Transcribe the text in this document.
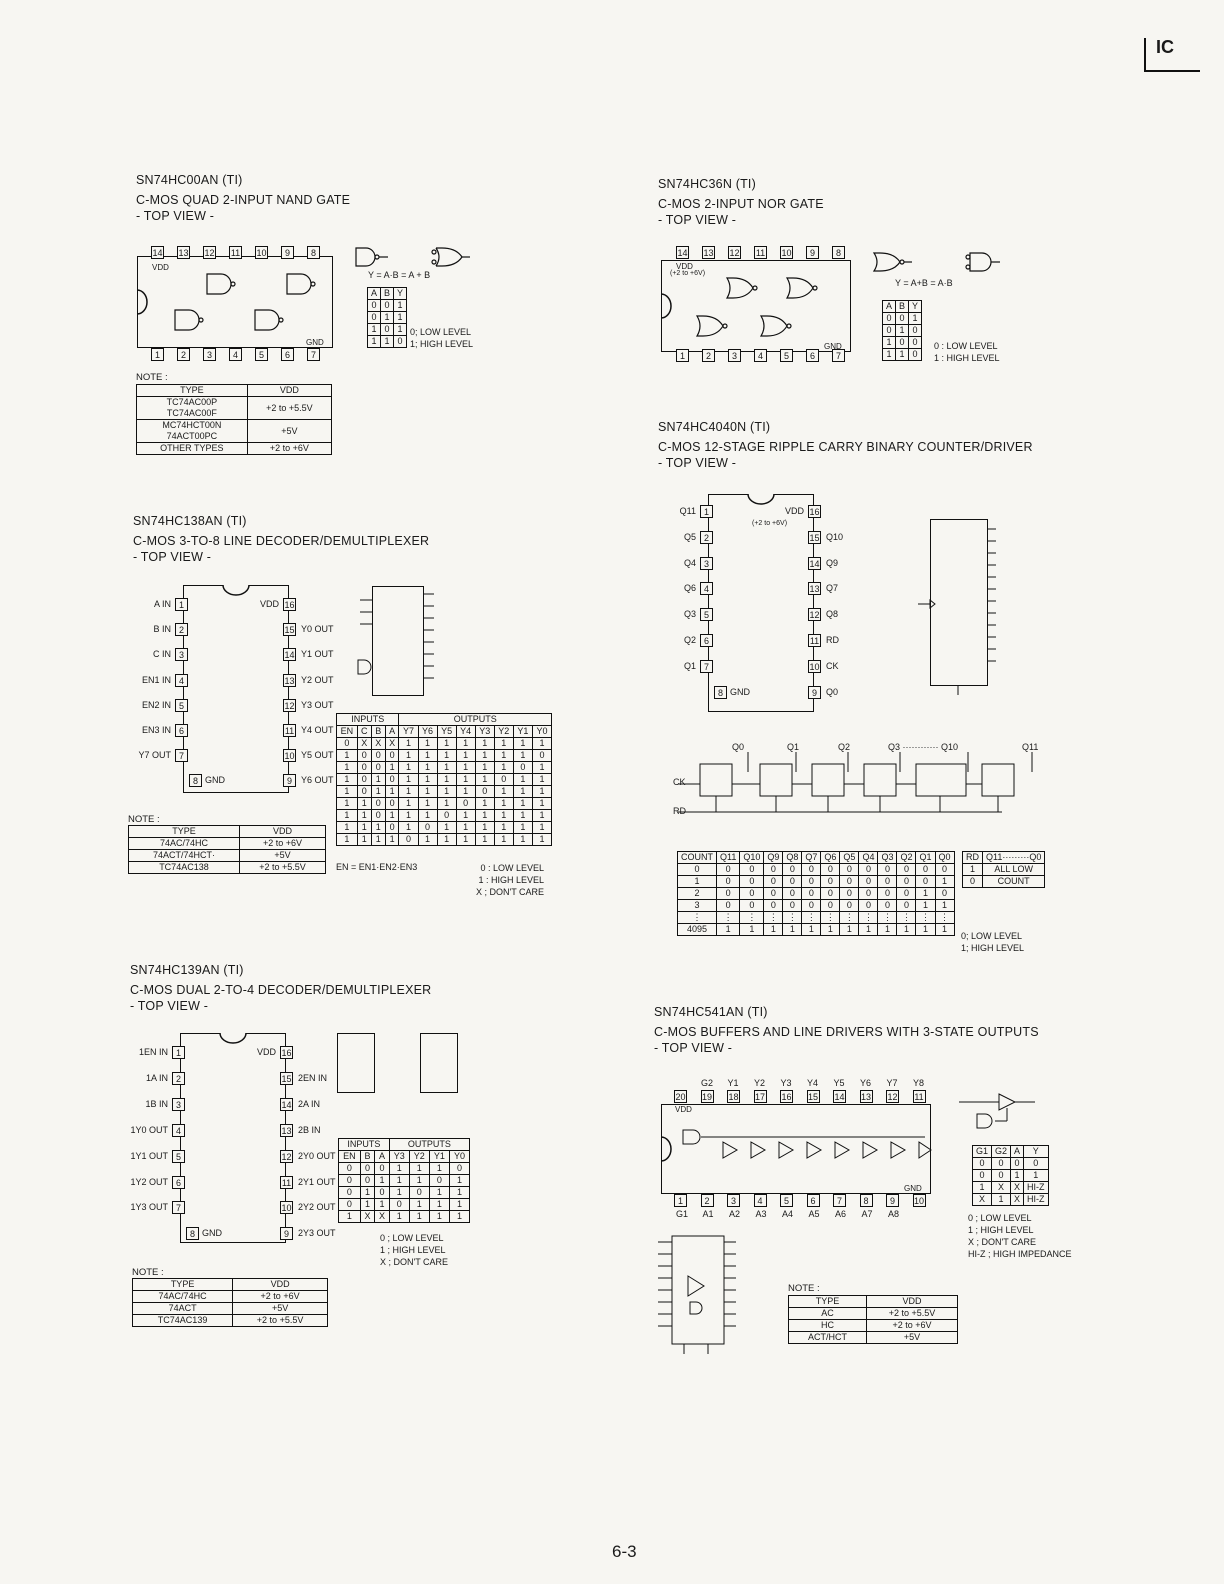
IC
SN74HC00AN (TI)
C-MOS QUAD 2-INPUT NAND GATE
- TOP VIEW -
14 13 12 11 10	9	8
1	2	3	4	5	6	7
VDD
GND
Y = A·B = A + B
A	B	Y
0	0	1
0	1	1
1	0	1
1	1	0
0; LOW LEVEL
1; HIGH LEVEL
NOTE :
TYPE	VDD
TC74AC00P
TC74AC00F	+2 to +5.5V
MC74HCT00N
74ACT00PC	+5V
OTHER TYPES	+2 to +6V
SN74HC36N (TI)
C-MOS 2-INPUT NOR GATE
- TOP VIEW -
14 13 12 11 10	9	8
1	2	3	4	5	6	7
VDD
(+2 to +6V)
GND
Y = A+B = A·B
A	B	Y
0	0	1
0	1	0
1	0	0
1	1	0
0 : LOW LEVEL
1 : HIGH LEVEL
SN74HC4040N (TI)
C-MOS 12-STAGE RIPPLE CARRY BINARY COUNTER/DRIVER
- TOP VIEW -
1
Q11
2
Q5
3
Q4
4
Q6
5
Q3
6
Q2
7
Q1
8 GND
16
VDD
15 Q10
14 Q9
13 Q7
12 Q8
11 RD
10 CK
9	Q0
(+2 to +6V)
Q0	Q1	Q2	Q3 ············ Q10	Q11
CK
RD
COUNT	Q11	Q10	Q9	Q8	Q7	Q6	Q5	Q4	Q3	Q2	Q1	Q0
0	0	0	0	0	0	0	0	0	0	0	0	0
1	0	0	0	0	0	0	0	0	0	0	0	1
2	0	0	0	0	0	0	0	0	0	0	1	0
3	0	0	0	0	0	0	0	0	0	0	1	1
⋮	⋮	⋮	⋮	⋮	⋮	⋮	⋮	⋮	⋮	⋮	⋮	⋮
4095	1	1	1	1	1	1	1	1	1	1	1	1
RD	Q11·········Q0
1	ALL LOW
0	COUNT
0; LOW LEVEL
1; HIGH LEVEL
SN74HC138AN (TI)
C-MOS 3-TO-8 LINE DECODER/DEMULTIPLEXER
- TOP VIEW -
1
A IN
2
B IN
3
C IN
4
EN1 IN
5
EN2 IN
6
EN3 IN
7
Y7 OUT
8 GND
16
VDD
15 Y0 OUT
14 Y1 OUT
13 Y2 OUT
12 Y3 OUT
11 Y4 OUT
10 Y5 OUT
9	Y6 OUT
INPUTS				OUTPUTS							
EN	C	B	A	Y7	Y6	Y5	Y4	Y3	Y2	Y1	Y0
0	X	X	X	1	1	1	1	1	1	1	1
1	0	0	0	1	1	1	1	1	1	1	0
1	0	0	1	1	1	1	1	1	1	0	1
1	0	1	0	1	1	1	1	1	0	1	1
1	0	1	1	1	1	1	1	0	1	1	1
1	1	0	0	1	1	1	0	1	1	1	1
1	1	0	1	1	1	0	1	1	1	1	1
1	1	1	0	1	0	1	1	1	1	1	1
1	1	1	1	0	1	1	1	1	1	1	1
EN = EN1·EN2·EN3	0 : LOW LEVEL
1 : HIGH LEVEL
X ; DON'T CARE
NOTE :
TYPE	VDD
74AC/74HC	+2 to +6V
74ACT/74HCT·	+5V
TC74AC138	+2 to +5.5V
SN74HC139AN (TI)
C-MOS DUAL 2-TO-4 DECODER/DEMULTIPLEXER
- TOP VIEW -
1
1EN IN
2
1A IN
3
1B IN
4
1Y0 OUT
5
1Y1 OUT
6
1Y2 OUT
7
1Y3 OUT
8 GND
16
VDD
15 2EN IN
14 2A IN
13 2B IN
12 2Y0 OUT
11 2Y1 OUT
10 2Y2 OUT
9	2Y3 OUT
INPUTS			OUTPUTS			
EN	B	A	Y3	Y2	Y1	Y0
0	0	0	1	1	1	0
0	0	1	1	1	0	1
0	1	0	1	0	1	1
0	1	1	0	1	1	1
1	X	X	1	1	1	1
0 ; LOW LEVEL
1 ; HIGH LEVEL
X ; DON'T CARE
NOTE :
TYPE	VDD
74AC/74HC	+2 to +6V
74ACT	+5V
TC74AC139	+2 to +5.5V
SN74HC541AN (TI)
C-MOS BUFFERS AND LINE DRIVERS WITH 3-STATE OUTPUTS
- TOP VIEW -
G2 Y1 Y2 Y3 Y4 Y5 Y6 Y7 Y8
20 19 18 17 16 15 14 13 12 11
1	2	3	4	5	6	7	8	9	10
G1 A1 A2 A3 A4 A5 A6 A7 A8
VDD
GND
G1	G2	A	Y
0	0	0	0
0	0	1	1
1	X	X	HI-Z
X	1	X	HI-Z
0 ; LOW LEVEL
1 ; HIGH LEVEL
X ; DON'T CARE
HI-Z ; HIGH IMPEDANCE
NOTE :
TYPE	VDD
AC	+2 to +5.5V
HC	+2 to +6V
ACT/HCT	+5V
6-3
